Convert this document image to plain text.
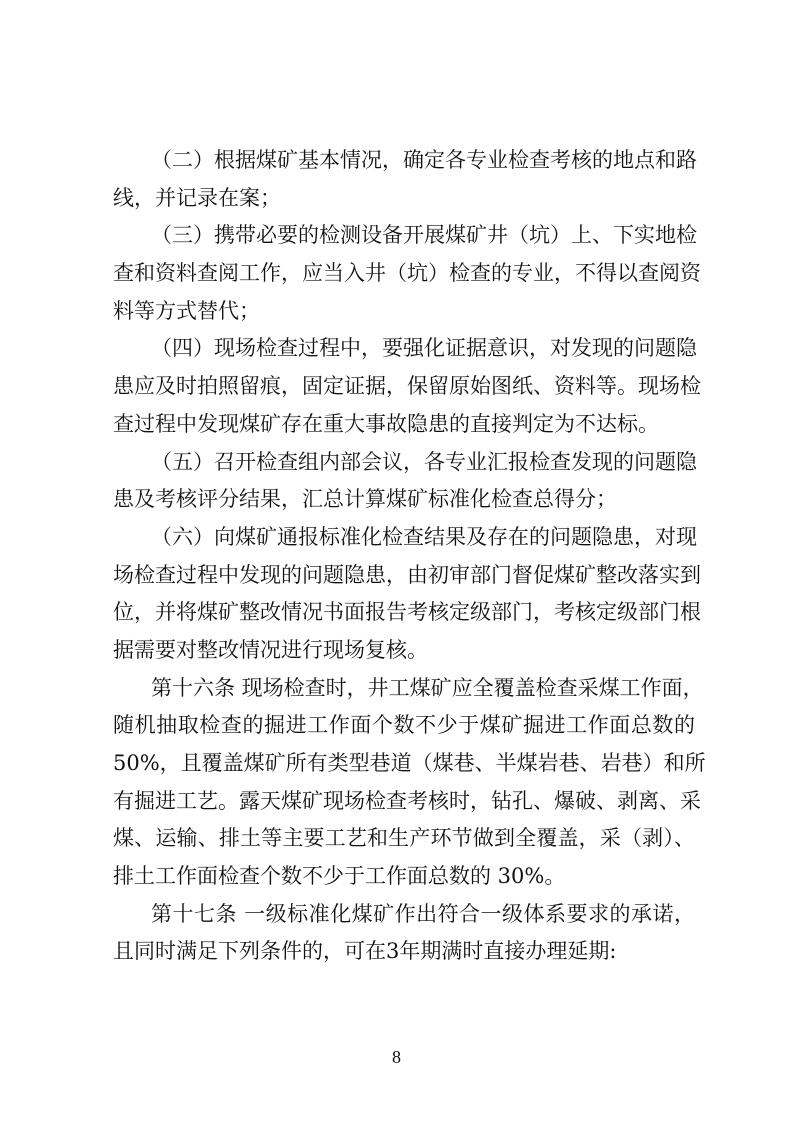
（二）根据煤矿基本情况，确定各专业检查考核的地点和路
线，并记录在案；
（三）携带必要的检测设备开展煤矿井（坑）上、下实地检
查和资料查阅工作，应当入井（坑）检查的专业，不得以查阅资
料等方式替代；
（四）现场检查过程中，要强化证据意识，对发现的问题隐
患应及时拍照留痕，固定证据，保留原始图纸、资料等。现场检
查过程中发现煤矿存在重大事故隐患的直接判定为不达标。
（五）召开检查组内部会议，各专业汇报检查发现的问题隐
患及考核评分结果，汇总计算煤矿标准化检查总得分；
（六）向煤矿通报标准化检查结果及存在的问题隐患，对现
场检查过程中发现的问题隐患，由初审部门督促煤矿整改落实到
位，并将煤矿整改情况书面报告考核定级部门，考核定级部门根
据需要对整改情况进行现场复核。
第十六条 现场检查时，井工煤矿应全覆盖检查采煤工作面，
随机抽取检查的掘进工作面个数不少于煤矿掘进工作面总数的
50%，且覆盖煤矿所有类型巷道（煤巷、半煤岩巷、岩巷）和所
有掘进工艺。露天煤矿现场检查考核时，钻孔、爆破、剥离、采
煤、运输、排土等主要工艺和生产环节做到全覆盖，采（剥）、
排土工作面检查个数不少于工作面总数的 30%。
第十七条 一级标准化煤矿作出符合一级体系要求的承诺，
且同时满足下列条件的，可在3年期满时直接办理延期:
8
